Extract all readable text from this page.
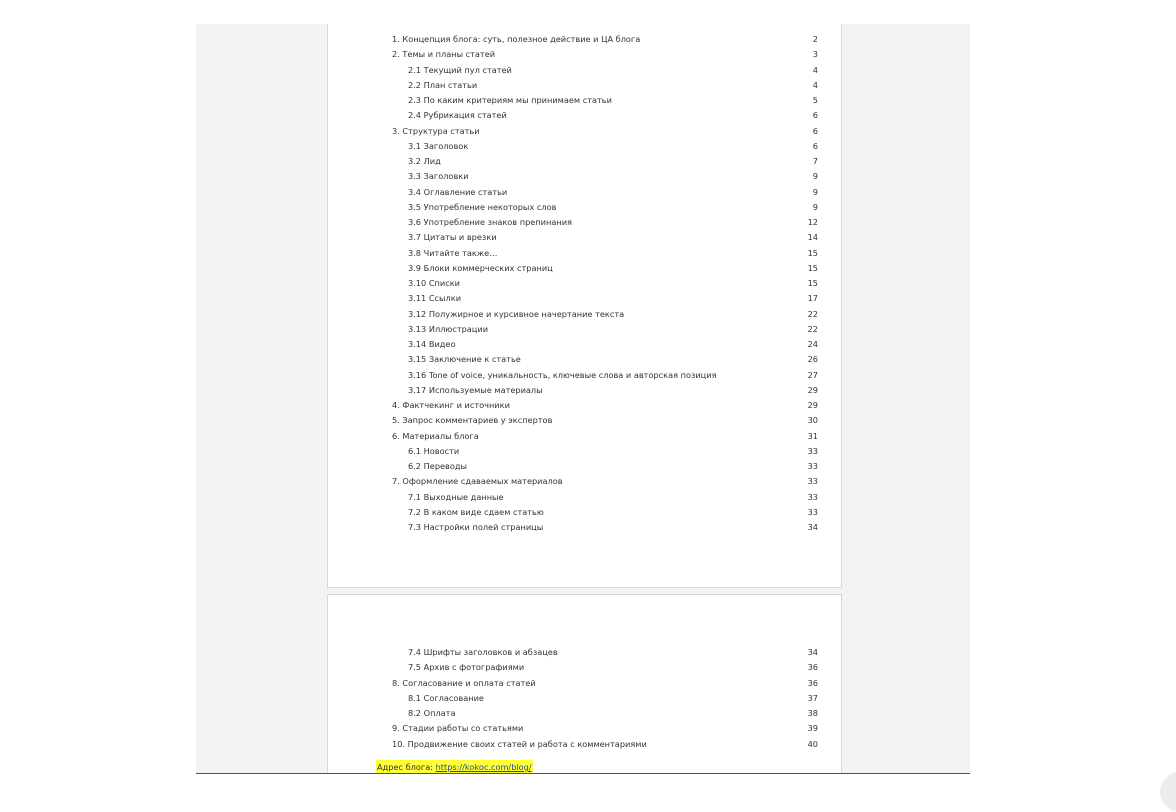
1. Концепция блога: суть, полезное действие и ЦА блога	2
2. Темы и планы статей	3
2.1 Текущий пул статей	4
2.2 План статьи	4
2.3 По каким критериям мы принимаем статьи	5
2.4 Рубрикация статей	6
3. Структура статьи	6
3.1 Заголовок	6
3.2 Лид	7
3.3 Заголовки	9
3.4 Оглавление статьи	9
3.5 Употребление некоторых слов	9
3.6 Употребление знаков препинания	12
3.7 Цитаты и врезки	14
3.8 Читайте также…	15
3.9 Блоки коммерческих страниц	15
3.10 Списки	15
3.11 Ссылки	17
3.12 Полужирное и курсивное начертание текста	22
3.13 Иллюстрации	22
3.14 Видео	24
3.15 Заключение к статье	26
3.16 Tone of voice, уникальность, ключевые слова и авторская позиция	27
3.17 Используемые материалы	29
4. Фактчекинг и источники	29
5. Запрос комментариев у экспертов	30
6. Материалы блога	31
6.1 Новости	33
6.2 Переводы	33
7. Оформление сдаваемых материалов	33
7.1 Выходные данные	33
7.2 В каком виде сдаем статью	33
7.3 Настройки полей страницы	34
7.4 Шрифты заголовков и абзацев	34
7.5 Архив с фотографиями	36
8. Согласование и оплата статей	36
8.1 Согласование	37
8.2 Оплата	38
9. Стадии работы со статьями	39
10. Продвижение своих статей и работа с комментариями	40
Адрес блога: https://kokoc.com/blog/
